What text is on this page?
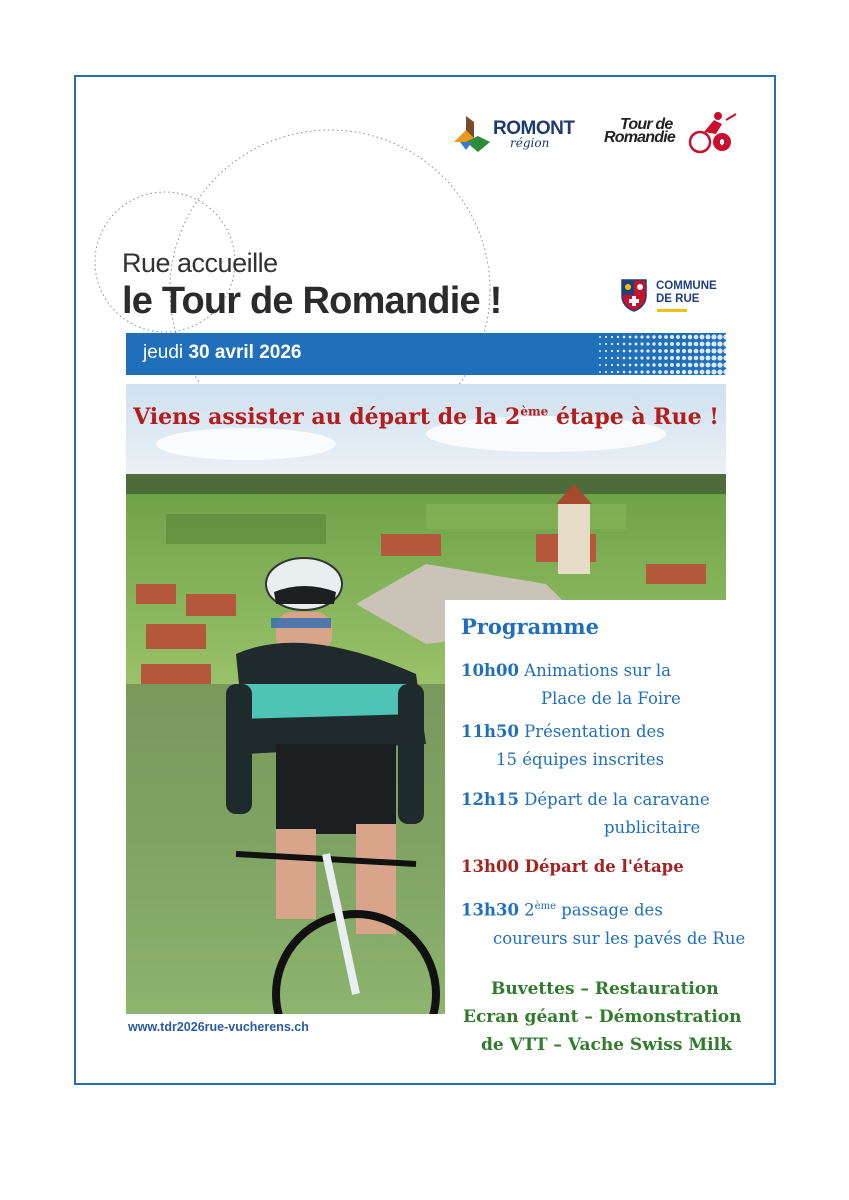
ROMONT
région
Tour de
Romandie
Rue accueille
le Tour de Romandie !	COMMUNE
DE RUE
jeudi 30 avril 2026
Viens assister au départ de la 2ème étape à Rue !
Programme
10h00 Animations sur la
Place de la Foire
11h50 Présentation des
15 équipes inscrites
12h15 Départ de la caravane
publicitaire
13h00 Départ de l'étape
13h30 2ème passage des
coureurs sur les pavés de Rue
Buvettes – Restauration
Ecran géant – Démonstration
de VTT – Vache Swiss Milk
www.tdr2026rue-vucherens.ch
